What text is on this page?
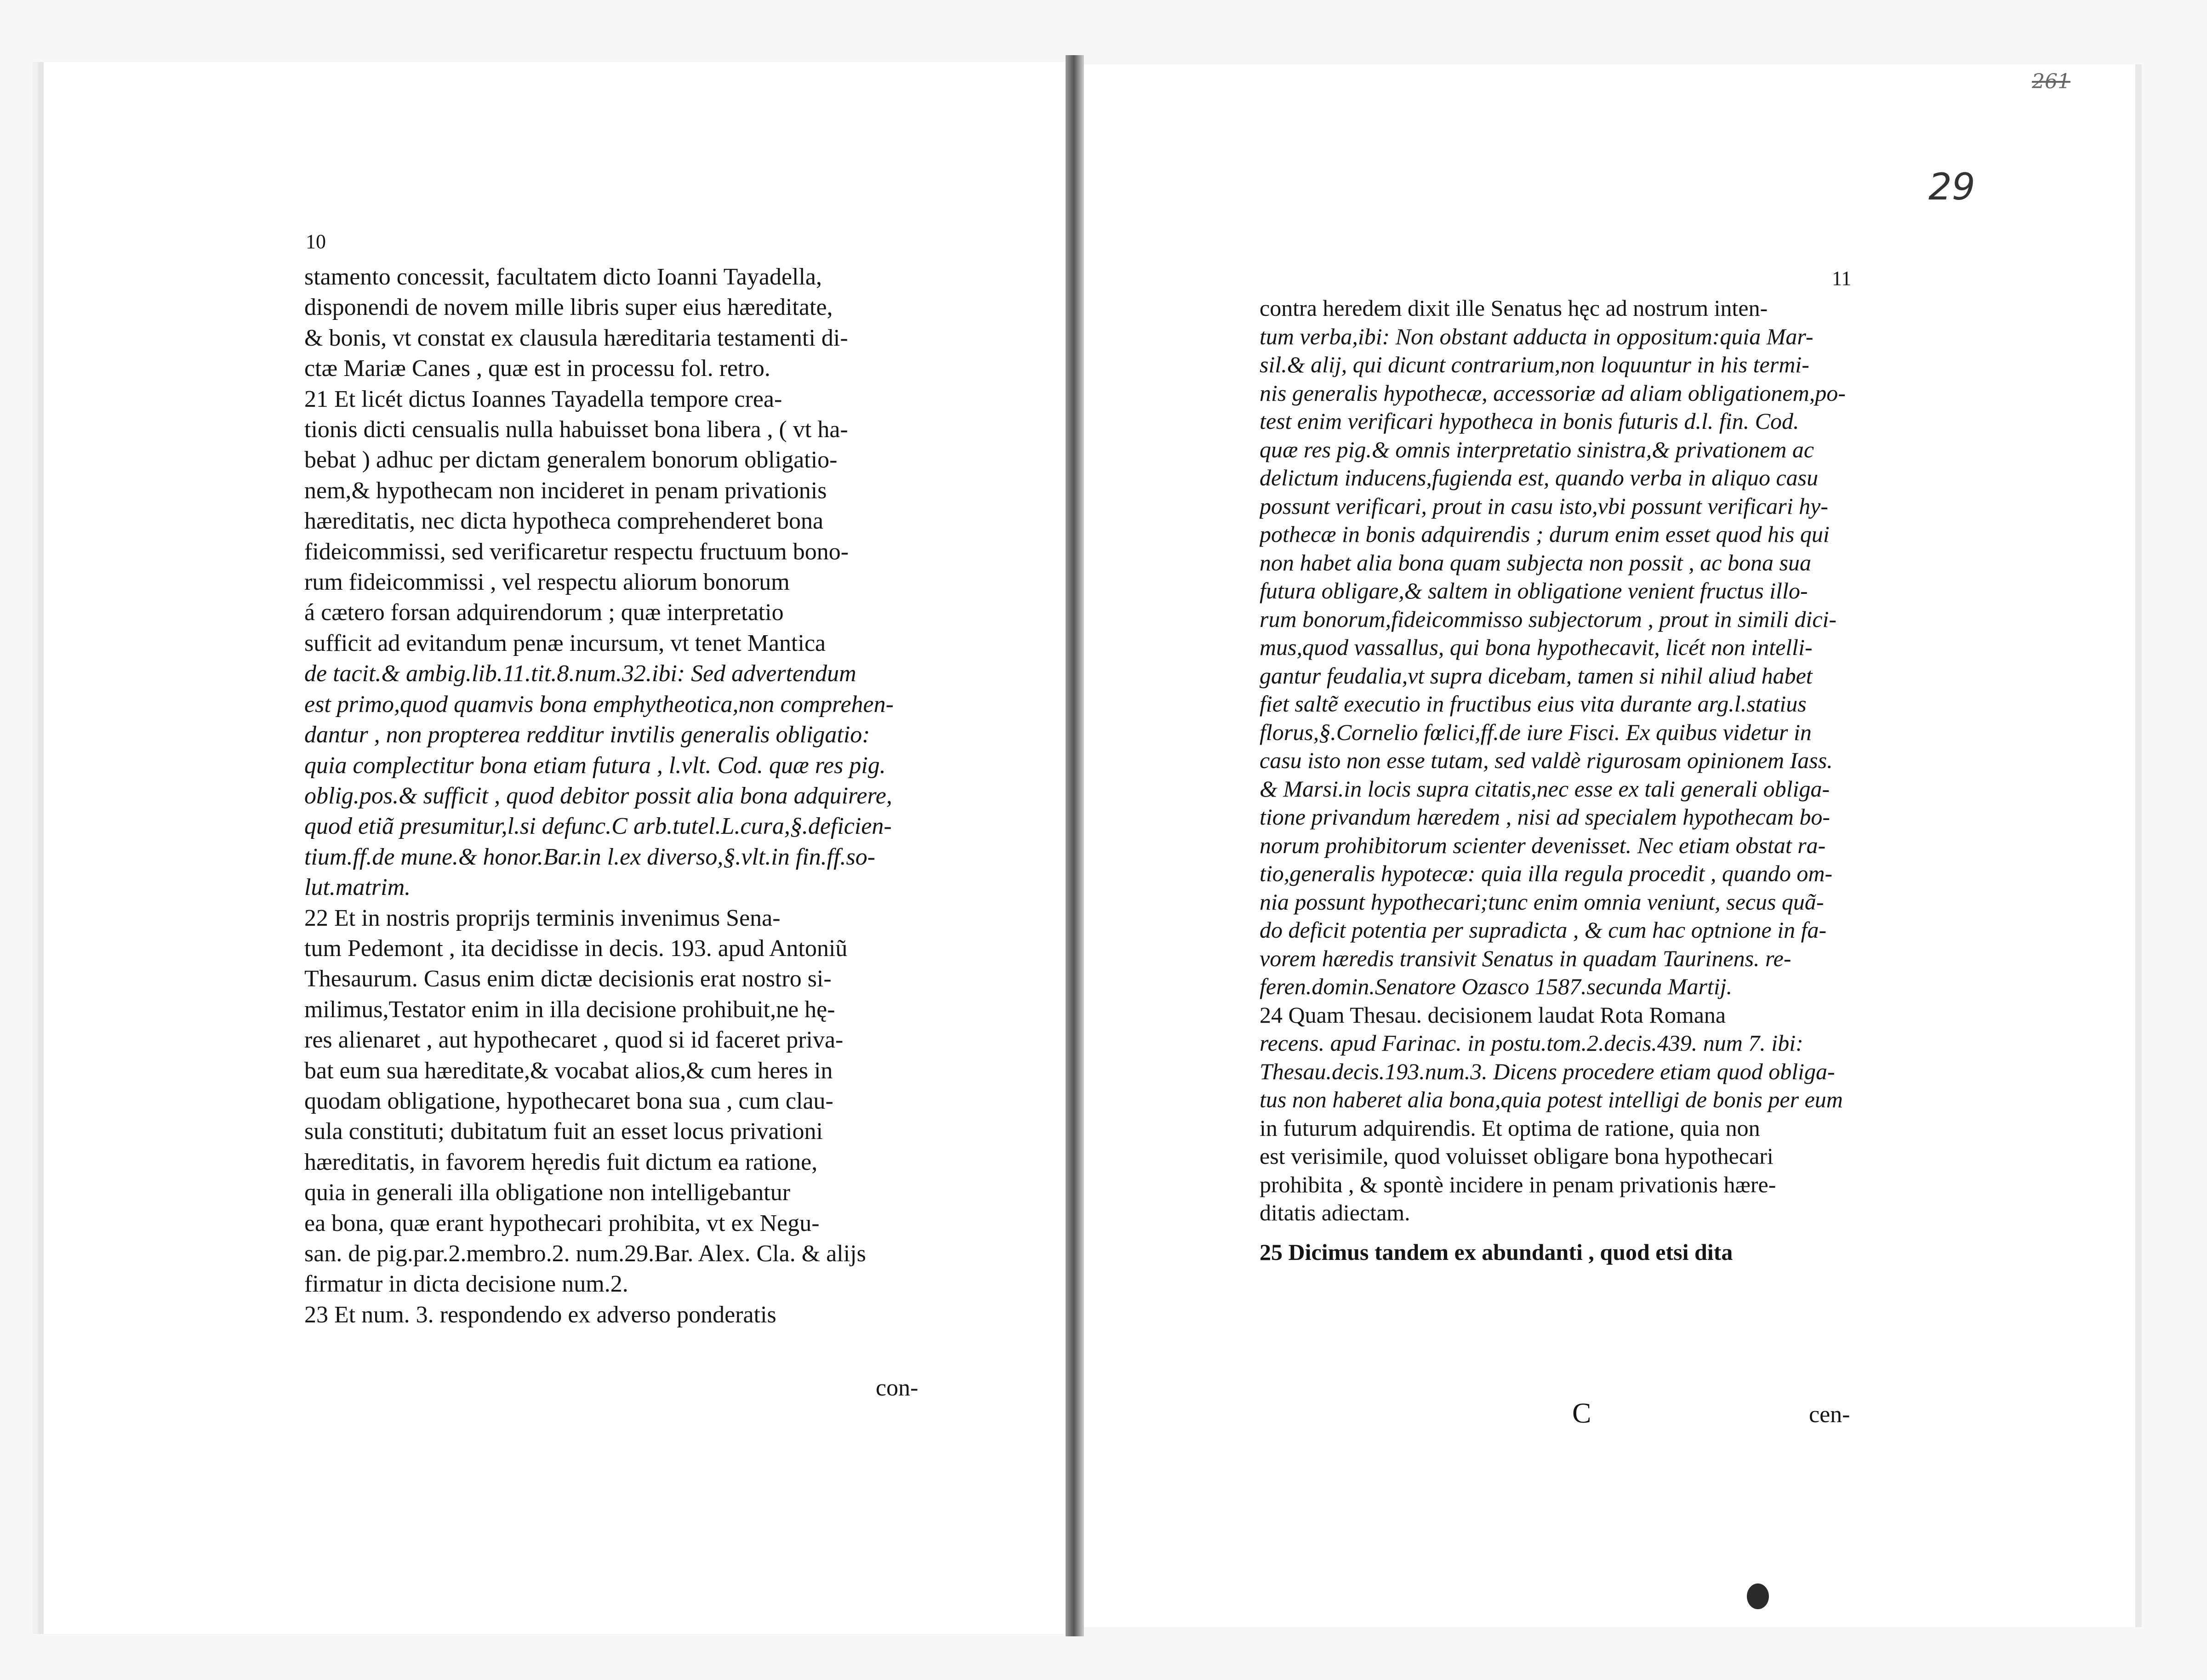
29
261
10
11
stamento concessit, facultatem dicto Ioanni Tayadella,
disponendi de novem mille libris super eius hæreditate,
& bonis, vt constat ex clausula hæreditaria testamenti di-
ctæ Mariæ Canes , quæ est in processu fol. retro.
21 Et licét dictus Ioannes Tayadella tempore crea-
tionis dicti censualis nulla habuisset bona libera , ( vt ha-
bebat ) adhuc per dictam generalem bonorum obligatio-
nem,& hypothecam non incideret in penam privationis
hæreditatis, nec dicta hypotheca comprehenderet bona
fideicommissi, sed verificaretur respectu fructuum bono-
rum fideicommissi , vel respectu aliorum bonorum
á cætero forsan adquirendorum ; quæ interpretatio
sufficit ad evitandum penæ incursum, vt tenet Mantica
de tacit.& ambig.lib.11.tit.8.num.32.ibi: Sed advertendum
est primo,quod quamvis bona emphytheotica,non comprehen-
dantur , non propterea redditur invtilis generalis obligatio:
quia complectitur bona etiam futura , l.vlt. Cod. quæ res pig.
oblig.pos.& sufficit , quod debitor possit alia bona adquirere,
quod etiã presumitur,l.si defunc.C arb.tutel.L.cura,§.deficien-
tium.ff.de mune.& honor.Bar.in l.ex diverso,§.vlt.in fin.ff.so-
lut.matrim.
22 Et in nostris proprijs terminis invenimus Sena-
tum Pedemont , ita decidisse in decis. 193. apud Antoniũ
Thesaurum. Casus enim dictæ decisionis erat nostro si-
milimus,Testator enim in illa decisione prohibuit,ne hę-
res alienaret , aut hypothecaret , quod si id faceret priva-
bat eum sua hæreditate,& vocabat alios,& cum heres in
quodam obligatione, hypothecaret bona sua , cum clau-
sula constituti; dubitatum fuit an esset locus privationi
hæreditatis, in favorem hęredis fuit dictum ea ratione,
quia in generali illa obligatione non intelligebantur
ea bona, quæ erant hypothecari prohibita, vt ex Negu-
san. de pig.par.2.membro.2. num.29.Bar. Alex. Cla. & alijs
firmatur in dicta decisione num.2.
23 Et num. 3. respondendo ex adverso ponderatis
con-
contra heredem dixit ille Senatus hęc ad nostrum inten-
tum verba,ibi: Non obstant adducta in oppositum:quia Mar-
sil.& alij, qui dicunt contrarium,non loquuntur in his termi-
nis generalis hypothecæ, accessoriæ ad aliam obligationem,po-
test enim verificari hypotheca in bonis futuris d.l. fin. Cod.
quæ res pig.& omnis interpretatio sinistra,& privationem ac
delictum inducens,fugienda est, quando verba in aliquo casu
possunt verificari, prout in casu isto,vbi possunt verificari hy-
pothecæ in bonis adquirendis ; durum enim esset quod his qui
non habet alia bona quam subjecta non possit , ac bona sua
futura obligare,& saltem in obligatione venient fructus illo-
rum bonorum,fideicommisso subjectorum , prout in simili dici-
mus,quod vassallus, qui bona hypothecavit, licét non intelli-
gantur feudalia,vt supra dicebam, tamen si nihil aliud habet
fiet saltẽ executio in fructibus eius vita durante arg.l.statius
florus,§.Cornelio fœlici,ff.de iure Fisci. Ex quibus videtur in
casu isto non esse tutam, sed valdè rigurosam opinionem Iass.
& Marsi.in locis supra citatis,nec esse ex tali generali obliga-
tione privandum hæredem , nisi ad specialem hypothecam bo-
norum prohibitorum scienter devenisset. Nec etiam obstat ra-
tio,generalis hypotecæ: quia illa regula procedit , quando om-
nia possunt hypothecari;tunc enim omnia veniunt, secus quã-
do deficit potentia per supradicta , & cum hac optnione in fa-
vorem hæredis transivit Senatus in quadam Taurinens. re-
feren.domin.Senatore Ozasco 1587.secunda Martij.
24 Quam Thesau. decisionem laudat Rota Romana
recens. apud Farinac. in postu.tom.2.decis.439. num 7. ibi:
Thesau.decis.193.num.3. Dicens procedere etiam quod obliga-
tus non haberet alia bona,quia potest intelligi de bonis per eum
in futurum adquirendis. Et optima de ratione, quia non
est verisimile, quod voluisset obligare bona hypothecari
prohibita , & spontè incidere in penam privationis hære-
ditatis adiectam.
25 Dicimus tandem ex abundanti , quod etsi dita
C	cen-
